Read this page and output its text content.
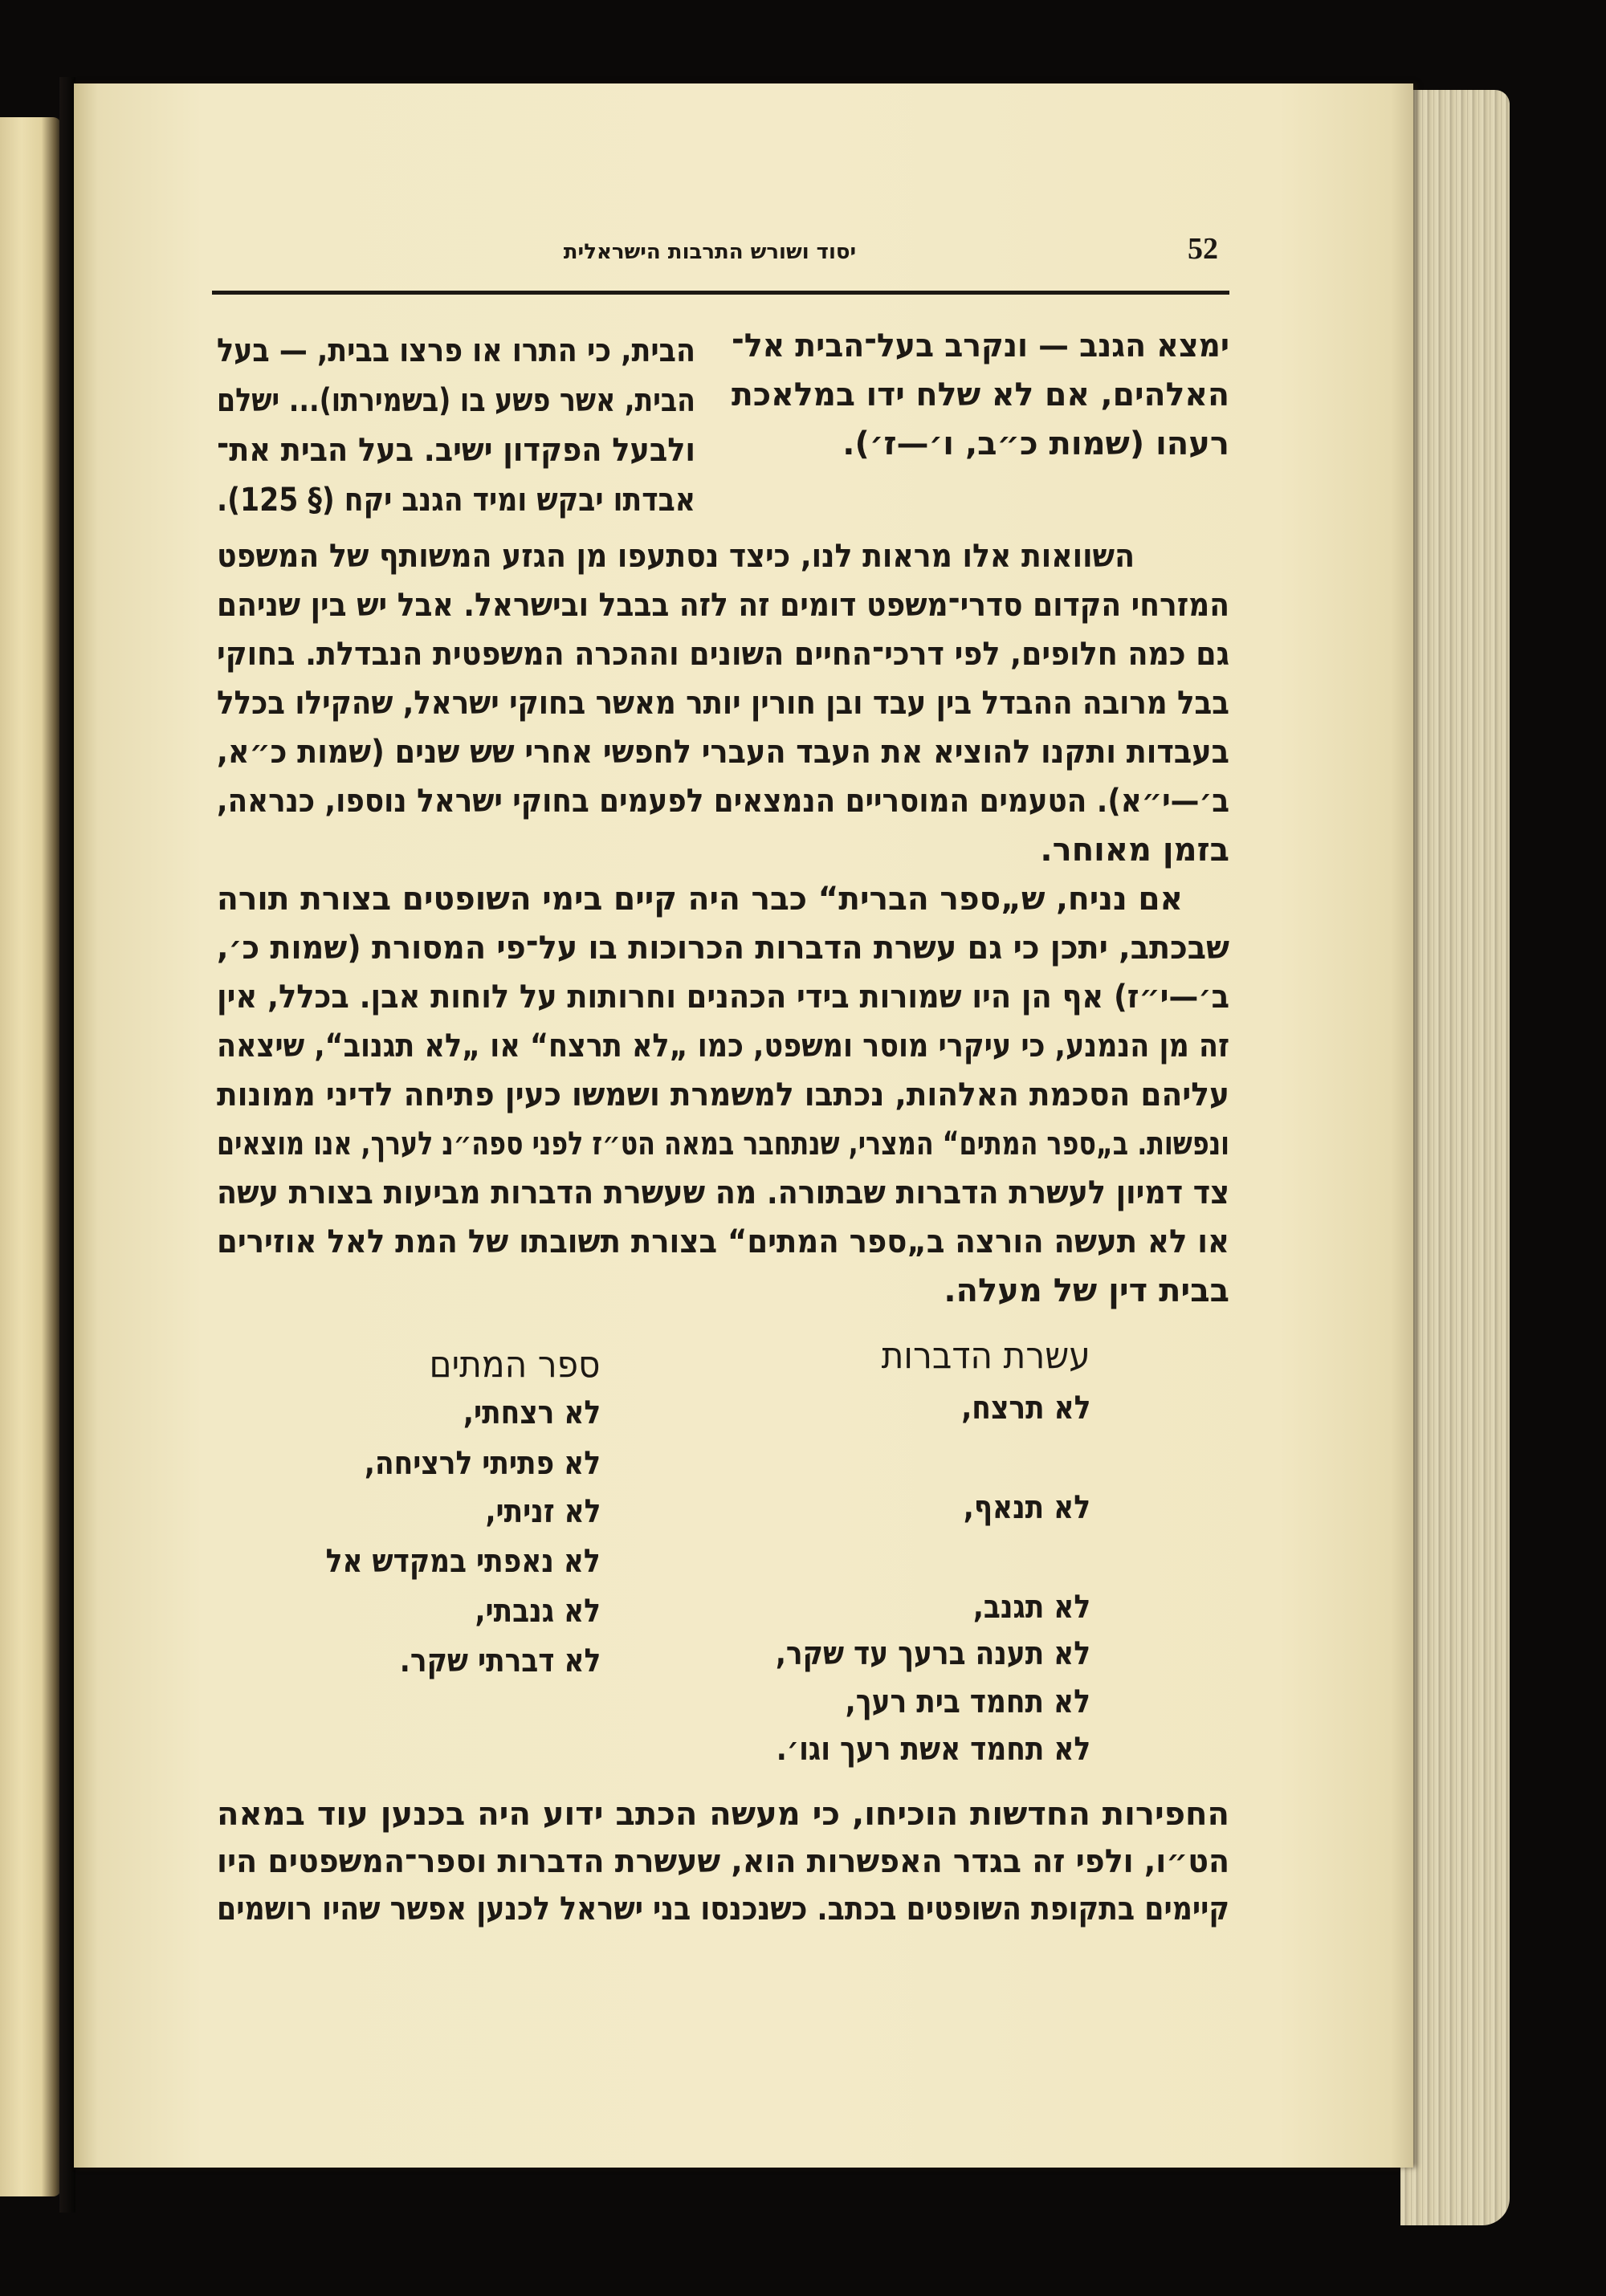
יסוד ושורש התרבות הישראלית	52
ימצא הגנב — ונקרב בעל־הבית אל־
האלהים, אם לא שלח ידו במלאכת
רעהו (שמות כ״ב, ו׳—ז׳).
הבית, כי התרו או פרצו בבית, — בעל
הבית, אשר פשע בו (בשמירתו)... ישלם
ולבעל הפקדון ישיב. בעל הבית את־
אבדתו יבקש ומיד הגנב יקח (§ 125).
השוואות אלו מראות לנו, כיצד נסתעפו מן הגזע המשותף של המשפט
המזרחי הקדום סדרי־משפט דומים זה לזה בבבל ובישראל. אבל יש בין שניהם
גם כמה חלופים, לפי דרכי־החיים השונים וההכרה המשפטית הנבדלת. בחוקי
בבל מרובה ההבדל בין עבד ובן חורין יותר מאשר בחוקי ישראל, שהקילו בכלל
בעבדות ותקנו להוציא את העבד העברי לחפשי אחרי שש שנים (שמות כ״א,
ב׳—י״א). הטעמים המוסריים הנמצאים לפעמים בחוקי ישראל נוספו, כנראה,
בזמן מאוחר.
אם נניח, ש„ספר הברית“ כבר היה קיים בימי השופטים בצורת תורה
שבכתב, יתכן כי גם עשרת הדברות הכרוכות בו על־פי המסורת (שמות כ׳,
ב׳—י״ז) אף הן היו שמורות בידי הכהנים וחרותות על לוחות אבן. בכלל, אין
זה מן הנמנע, כי עיקרי מוסר ומשפט, כמו „לא תרצח“ או „לא תגנוב“, שיצאה
עליהם הסכמת האלהות, נכתבו למשמרת ושמשו כעין פתיחה לדיני ממונות
ונפשות. ב„ספר המתים“ המצרי, שנתחבר במאה הט״ז לפני ספה״נ לערך, אנו מוצאים
צד דמיון לעשרת הדברות שבתורה. מה שעשרת הדברות מביעות בצורת עשה
או לא תעשה הורצה ב„ספר המתים“ בצורת תשובתו של המת לאל אוזירים
בבית דין של מעלה.
עשרת הדברות
ספר המתים
לא תרצח,
לא תנאף,
לא תגנב,
לא תענה ברעך עד שקר,
לא תחמד בית רעך,
לא תחמד אשת רעך וגו׳.
לא רצחתי,
לא פתיתי לרציחה,
לא זניתי,
לא נאפתי במקדש אל
לא גנבתי,
לא דברתי שקר.
החפירות החדשות הוכיחו, כי מעשה הכתב ידוע היה בכנען עוד במאה
הט״ו, ולפי זה בגדר האפשרות הוא, שעשרת הדברות וספר־המשפטים היו
קיימים בתקופת השופטים בכתב. כשנכנסו בני ישראל לכנען אפשר שהיו רושמים
